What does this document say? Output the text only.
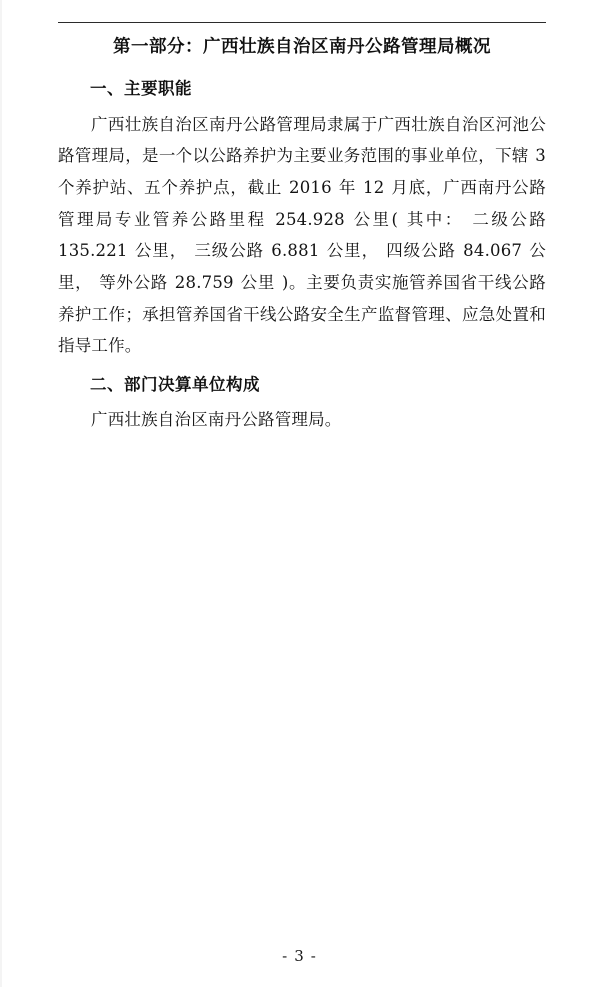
第一部分：广西壮族自治区南丹公路管理局概况
一、主要职能

广西壮族自治区南丹公路管理局隶属于广西壮族自治区河池公路管理局，是一个以公路养护为主要业务范围的事业单位，下辖 3 个养护站、五个养护点，截止 2016 年 12 月底，广西南丹公路管理局专业管养公路里程 254.928 公里( 其中： 二级公路 135.221 公里， 三级公路 6.881 公里， 四级公路 84.067 公里， 等外公路 28.759 公里 )。主要负责实施管养国省干线公路养护工作；承担管养国省干线公路安全生产监督管理、应急处置和指导工作。

二、部门决算单位构成

广西壮族自治区南丹公路管理局。

- 3 -
